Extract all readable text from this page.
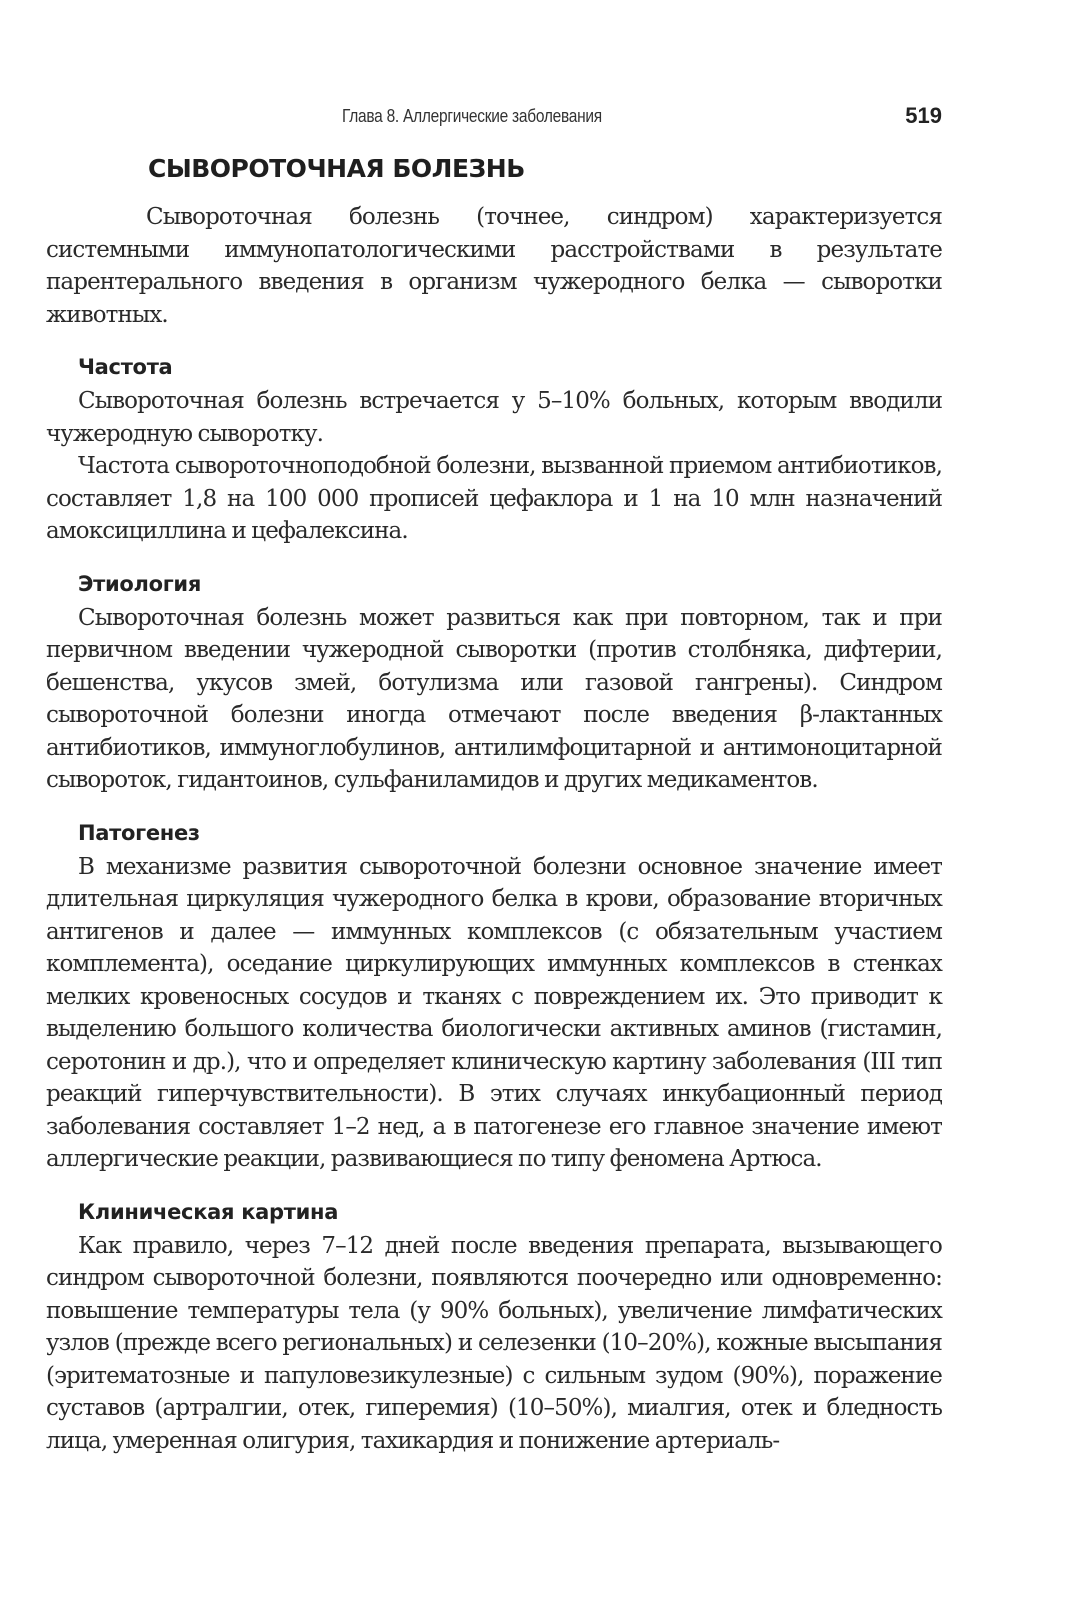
Глава 8. Аллергические заболевания	519
СЫВОРОТОЧНАЯ БОЛЕЗНЬ

Сывороточная болезнь (точнее, синдром) характеризуется системными иммунопатологическими расстройствами в результате парентерального введения в организм чужеродного белка — сыворотки животных.

Частота

Сывороточная болезнь встречается у 5–10% больных, которым вводили чужеродную сыворотку.

Частота сывороточноподобной болезни, вызванной приемом антибиотиков, составляет 1,8 на 100 000 прописей цефаклора и 1 на 10 млн назначений амоксициллина и цефалексина.

Этиология

Сывороточная болезнь может развиться как при повторном, так и при первичном введении чужеродной сыворотки (против столбняка, дифтерии, бешенства, укусов змей, ботулизма или газовой гангрены). Синдром сывороточной болезни иногда отмечают после введения β-лактанных антибиотиков, иммуноглобулинов, антилимфоцитарной и антимоноцитарной сывороток, гидантоинов, сульфаниламидов и других медикаментов.

Патогенез

В механизме развития сывороточной болезни основное значение имеет длительная циркуляция чужеродного белка в крови, образование вторичных антигенов и далее — иммунных комплексов (с обязательным участием комплемента), оседание циркулирующих иммунных комплексов в стенках мелких кровеносных сосудов и тканях с повреждением их. Это приводит к выделению большого количества биологически активных аминов (гистамин, серотонин и др.), что и определяет клиническую картину заболевания (III тип реакций гиперчувствительности). В этих случаях инкубационный период заболевания составляет 1–2 нед, а в патогенезе его главное значение имеют аллергические реакции, развивающиеся по типу феномена Артюса.

Клиническая картина

Как правило, через 7–12 дней после введения препарата, вызывающего синдром сывороточной болезни, появляются поочередно или одновременно: повышение температуры тела (у 90% больных), увеличение лимфатических узлов (прежде всего региональных) и селезенки (10–20%), кожные высыпания (эритематозные и папуловезикулезные) с сильным зудом (90%), поражение суставов (артралгии, отек, гиперемия) (10–50%), миалгия, отек и бледность лица, умеренная олигурия, тахикардия и понижение артериаль-
